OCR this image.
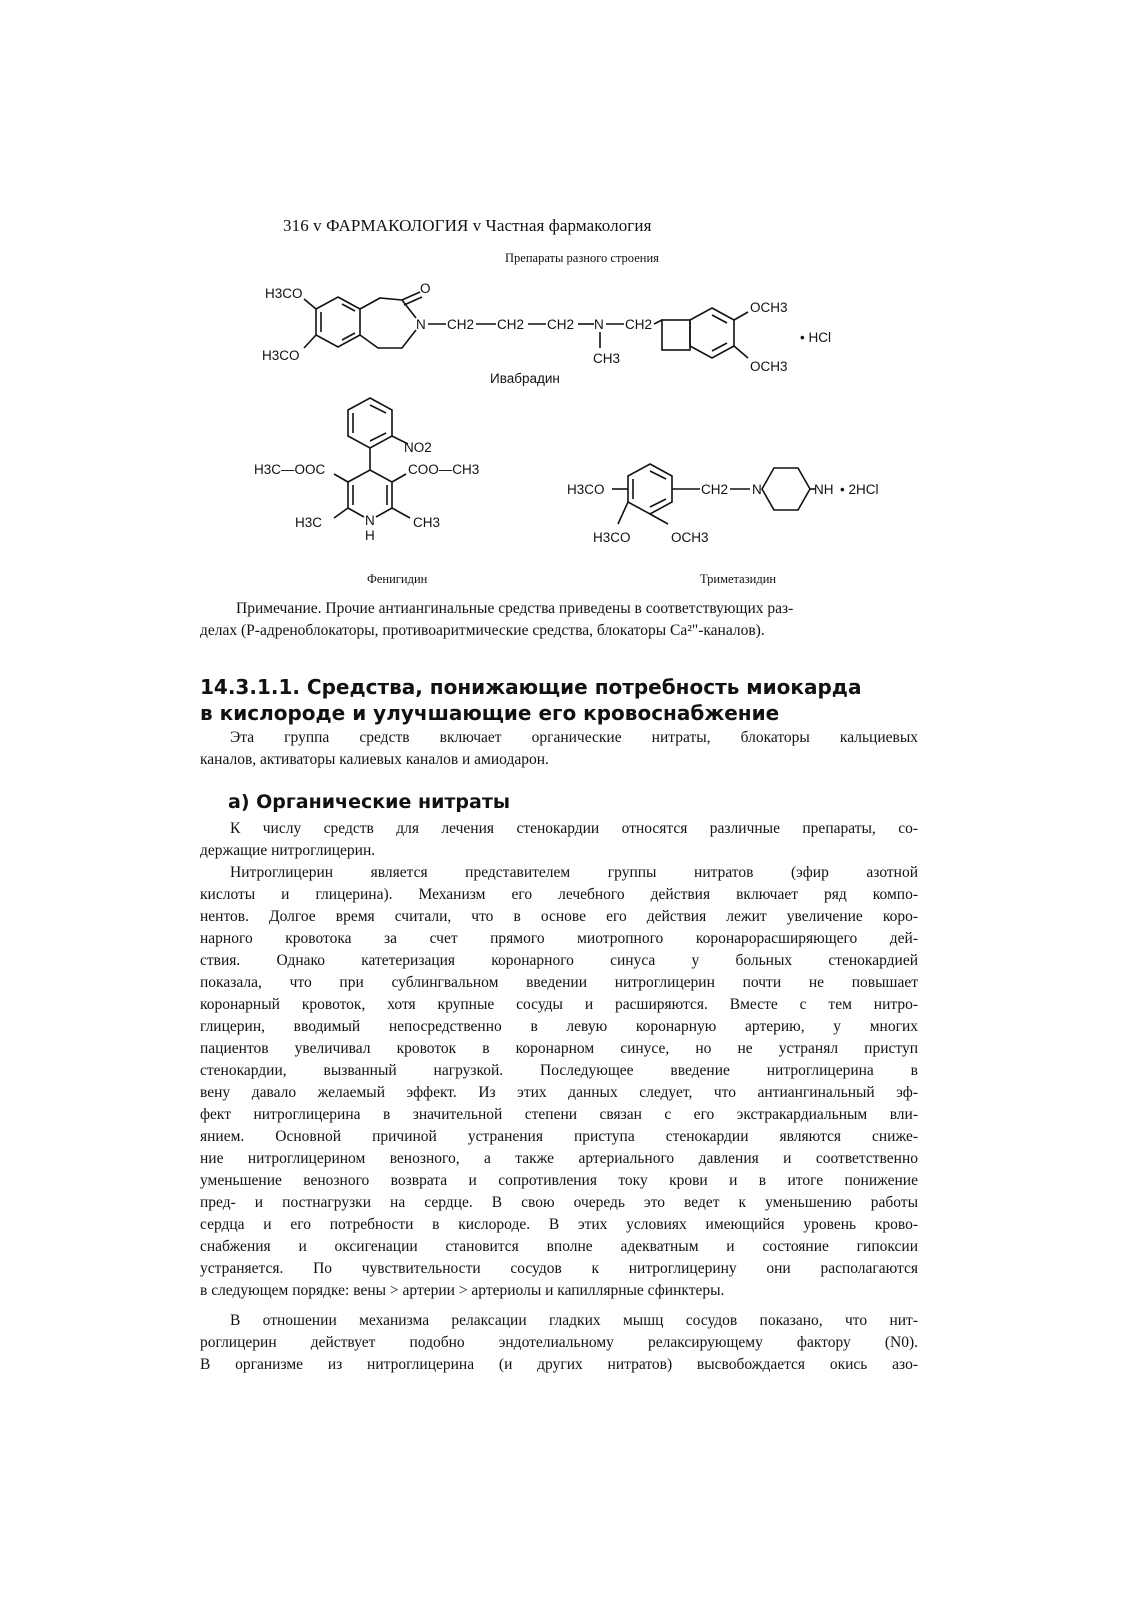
316 v ФАРМАКОЛОГИЯ v Частная фармакология
Препараты разного строения
H3CO
H3CO
O
N CH2 CH2 CH2 N
CH3
CH2
OCH3
OCH3
• HCl
Ивабрадин
NO2
H3C—OOC	COO—CH3
H3C	CH3
N
H
H3CO
H3CO	OCH3
CH2 N	NH • 2HCl
Фенигидин	Триметазидин
Примечание. Прочие антиангинальные средства приведены в соответствующих раз-
делах (Р-адреноблокаторы, противоаритмические средства, блокаторы Ca²"-каналов).
14.3.1.1. Средства, понижающие потребность миокарда
в кислороде и улучшающие его кровоснабжение
Эта группа средств включает органические нитраты, блокаторы кальциевых
каналов, активаторы калиевых каналов и амиодарон.
а) Органические нитраты
К числу средств для лечения стенокардии относятся различные препараты, со-
держащие нитроглицерин.
Нитроглицерин является представителем группы нитратов (эфир азотной
кислоты и глицерина). Механизм его лечебного действия включает ряд компо-
нентов. Долгое время считали, что в основе его действия лежит увеличение коро-
нарного кровотока за счет прямого миотропного коронарорасширяющего дей-
ствия. Однако катетеризация коронарного синуса у больных стенокардией
показала, что при сублингвальном введении нитроглицерин почти не повышает
коронарный кровоток, хотя крупные сосуды и расширяются. Вместе с тем нитро-
глицерин, вводимый непосредственно в левую коронарную артерию, у многих
пациентов увеличивал кровоток в коронарном синусе, но не устранял приступ
стенокардии, вызванный нагрузкой. Последующее введение нитроглицерина в
вену давало желаемый эффект. Из этих данных следует, что антиангинальный эф-
фект нитроглицерина в значительной степени связан с его экстракардиальным вли-
янием. Основной причиной устранения приступа стенокардии являются сниже-
ние нитроглицерином венозного, а также артериального давления и соответственно
уменьшение венозного возврата и сопротивления току крови и в итоге понижение
пред- и постнагрузки на сердце. В свою очередь это ведет к уменьшению работы
сердца и его потребности в кислороде. В этих условиях имеющийся уровень крово-
снабжения и оксигенации становится вполне адекватным и состояние гипоксии
устраняется. По чувствительности сосудов к нитроглицерину они располагаются
в следующем порядке: вены > артерии > артериолы и капиллярные сфинктеры.
В отношении механизма релаксации гладких мышц сосудов показано, что нит-
роглицерин действует подобно эндотелиальному релаксирующему фактору (N0).
В организме из нитроглицерина (и других нитратов) высвобождается окись азо-
